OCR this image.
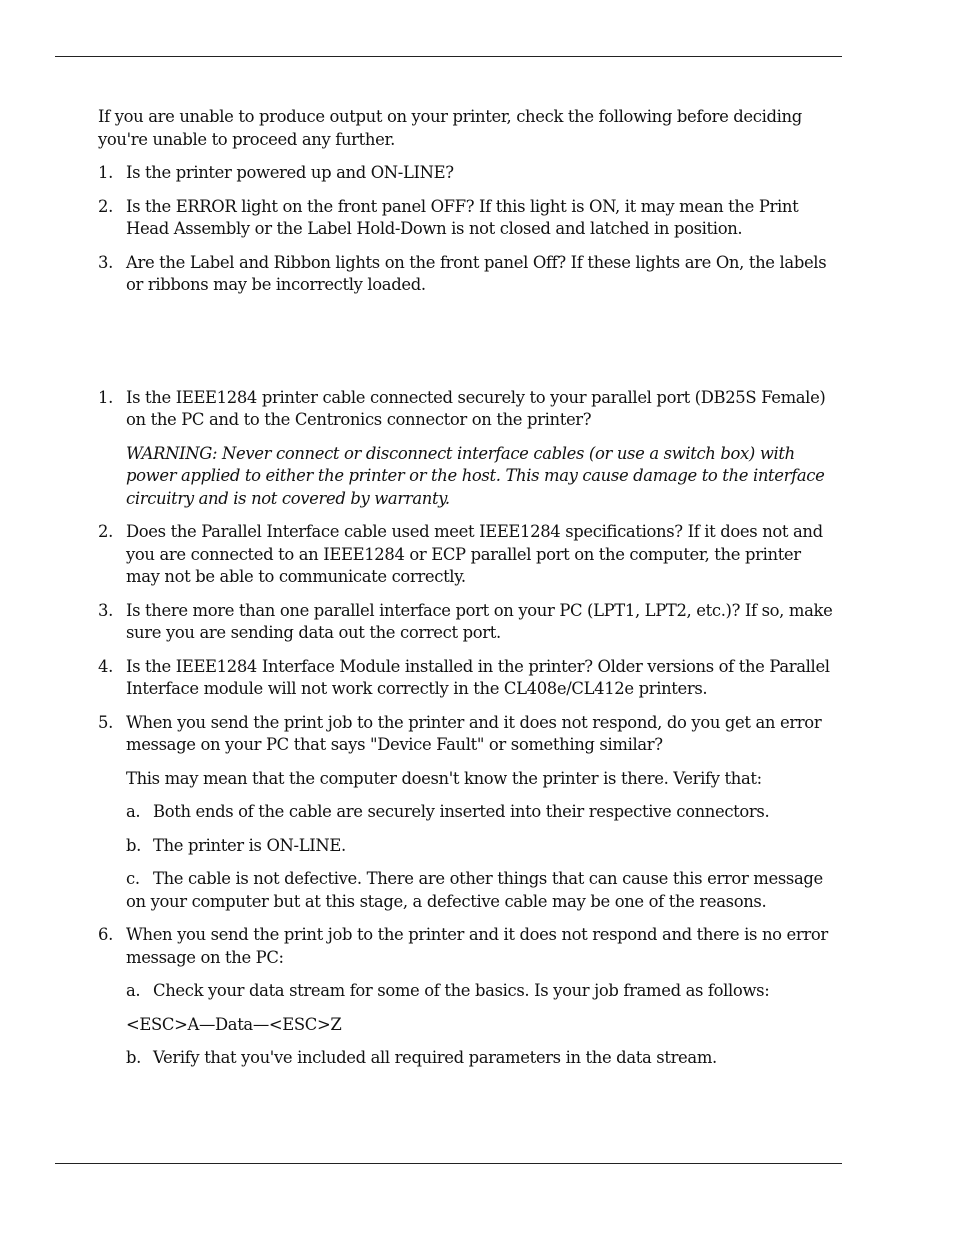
If you are unable to produce output on your printer, check the following before deciding you're unable to proceed any further.

1. Is the printer powered up and ON-LINE?
2. Is the ERROR light on the front panel OFF? If this light is ON, it may mean the Print Head Assembly or the Label Hold-Down is not closed and latched in position.
3. Are the Label and Ribbon lights on the front panel Off? If these lights are On, the labels or ribbons may be incorrectly loaded.
1. Is the IEEE1284 printer cable connected securely to your parallel port (DB25S Female) on the PC and to the Centronics connector on the printer?

WARNING: Never connect or disconnect interface cables (or use a switch box) with power applied to either the printer or the host. This may cause damage to the interface circuitry and is not covered by warranty.

2. Does the Parallel Interface cable used meet IEEE1284 specifications? If it does not and you are connected to an IEEE1284 or ECP parallel port on the computer, the printer may not be able to communicate correctly.
3. Is there more than one parallel interface port on your PC (LPT1, LPT2, etc.)? If so, make sure you are sending data out the correct port.
4. Is the IEEE1284 Interface Module installed in the printer? Older versions of the Parallel Interface module will not work correctly in the CL408e/CL412e printers.
5. When you send the print job to the printer and it does not respond, do you get an error message on your PC that says "Device Fault" or something similar?

This may mean that the computer doesn't know the printer is there. Verify that:

a. Both ends of the cable are securely inserted into their respective connectors.
b. The printer is ON-LINE.
c. The cable is not defective. There are other things that can cause this error message on your computer but at this stage, a defective cable may be one of the reasons.
6. When you send the print job to the printer and it does not respond and there is no error message on the PC:
a. Check your data stream for some of the basics. Is your job framed as follows:

<ESC>A—Data—<ESC>Z

b. Verify that you've included all required parameters in the data stream.
